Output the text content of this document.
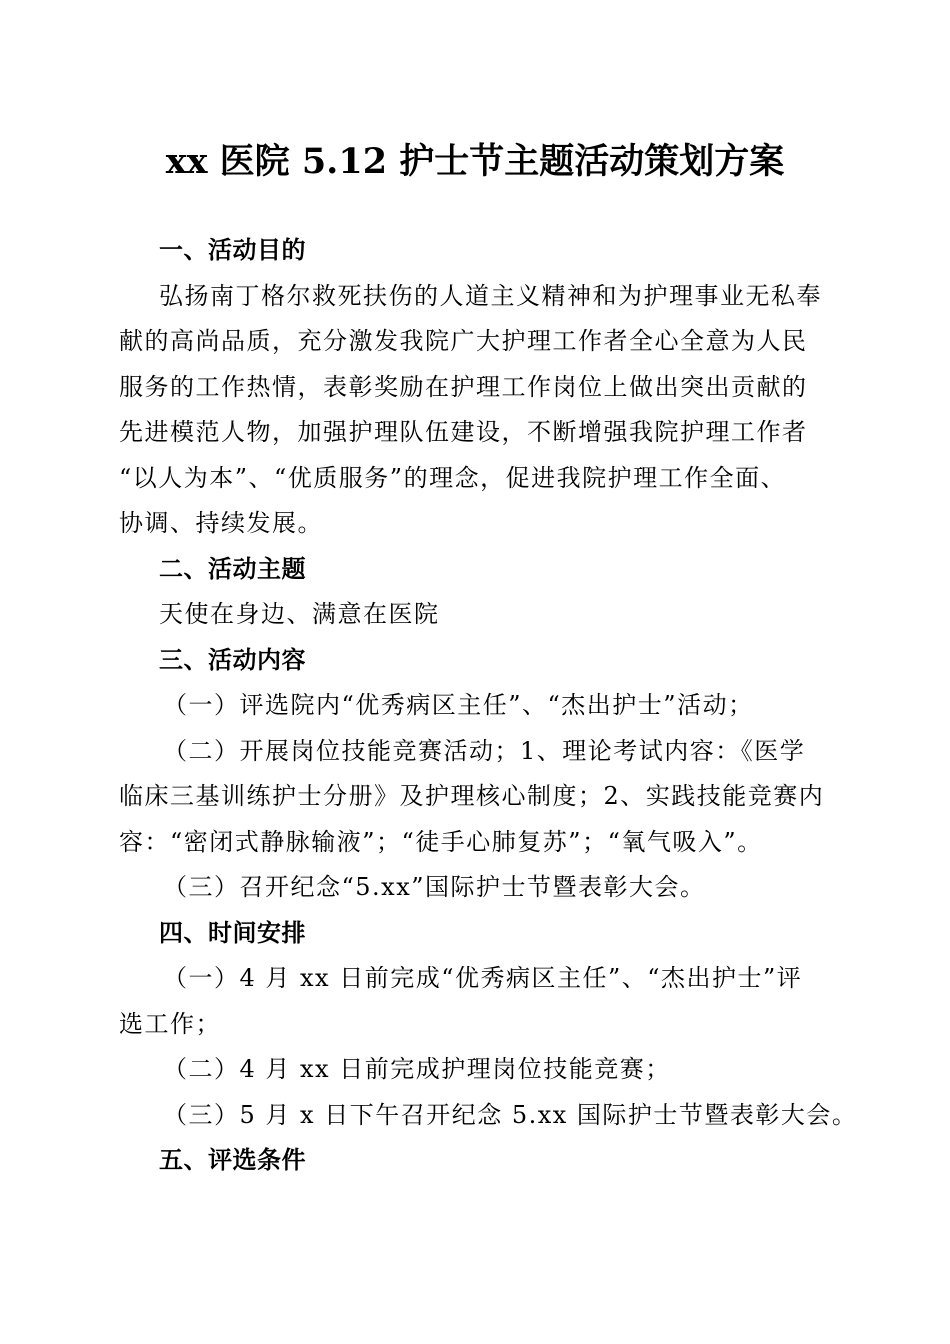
xx 医院 5.12 护士节主题活动策划方案
一、活动目的
弘扬南丁格尔救死扶伤的人道主义精神和为护理事业无私奉
献的高尚品质，充分激发我院广大护理工作者全心全意为人民
服务的工作热情，表彰奖励在护理工作岗位上做出突出贡献的
先进模范人物，加强护理队伍建设，不断增强我院护理工作者
“以人为本”、“优质服务”的理念，促进我院护理工作全面、
协调、持续发展。
二、活动主题
天使在身边、满意在医院
三、活动内容
（一）评选院内“优秀病区主任”、“杰出护士”活动；
（二）开展岗位技能竞赛活动；1、理论考试内容：《医学
临床三基训练护士分册》及护理核心制度；2、实践技能竞赛内
容：“密闭式静脉输液”；“徒手心肺复苏”；“氧气吸入”。
（三）召开纪念“5.xx”国际护士节暨表彰大会。
四、时间安排
（一）4 月 xx 日前完成“优秀病区主任”、“杰出护士”评
选工作；
（二）4 月 xx 日前完成护理岗位技能竞赛；
（三）5 月 x 日下午召开纪念 5.xx 国际护士节暨表彰大会。
五、评选条件
